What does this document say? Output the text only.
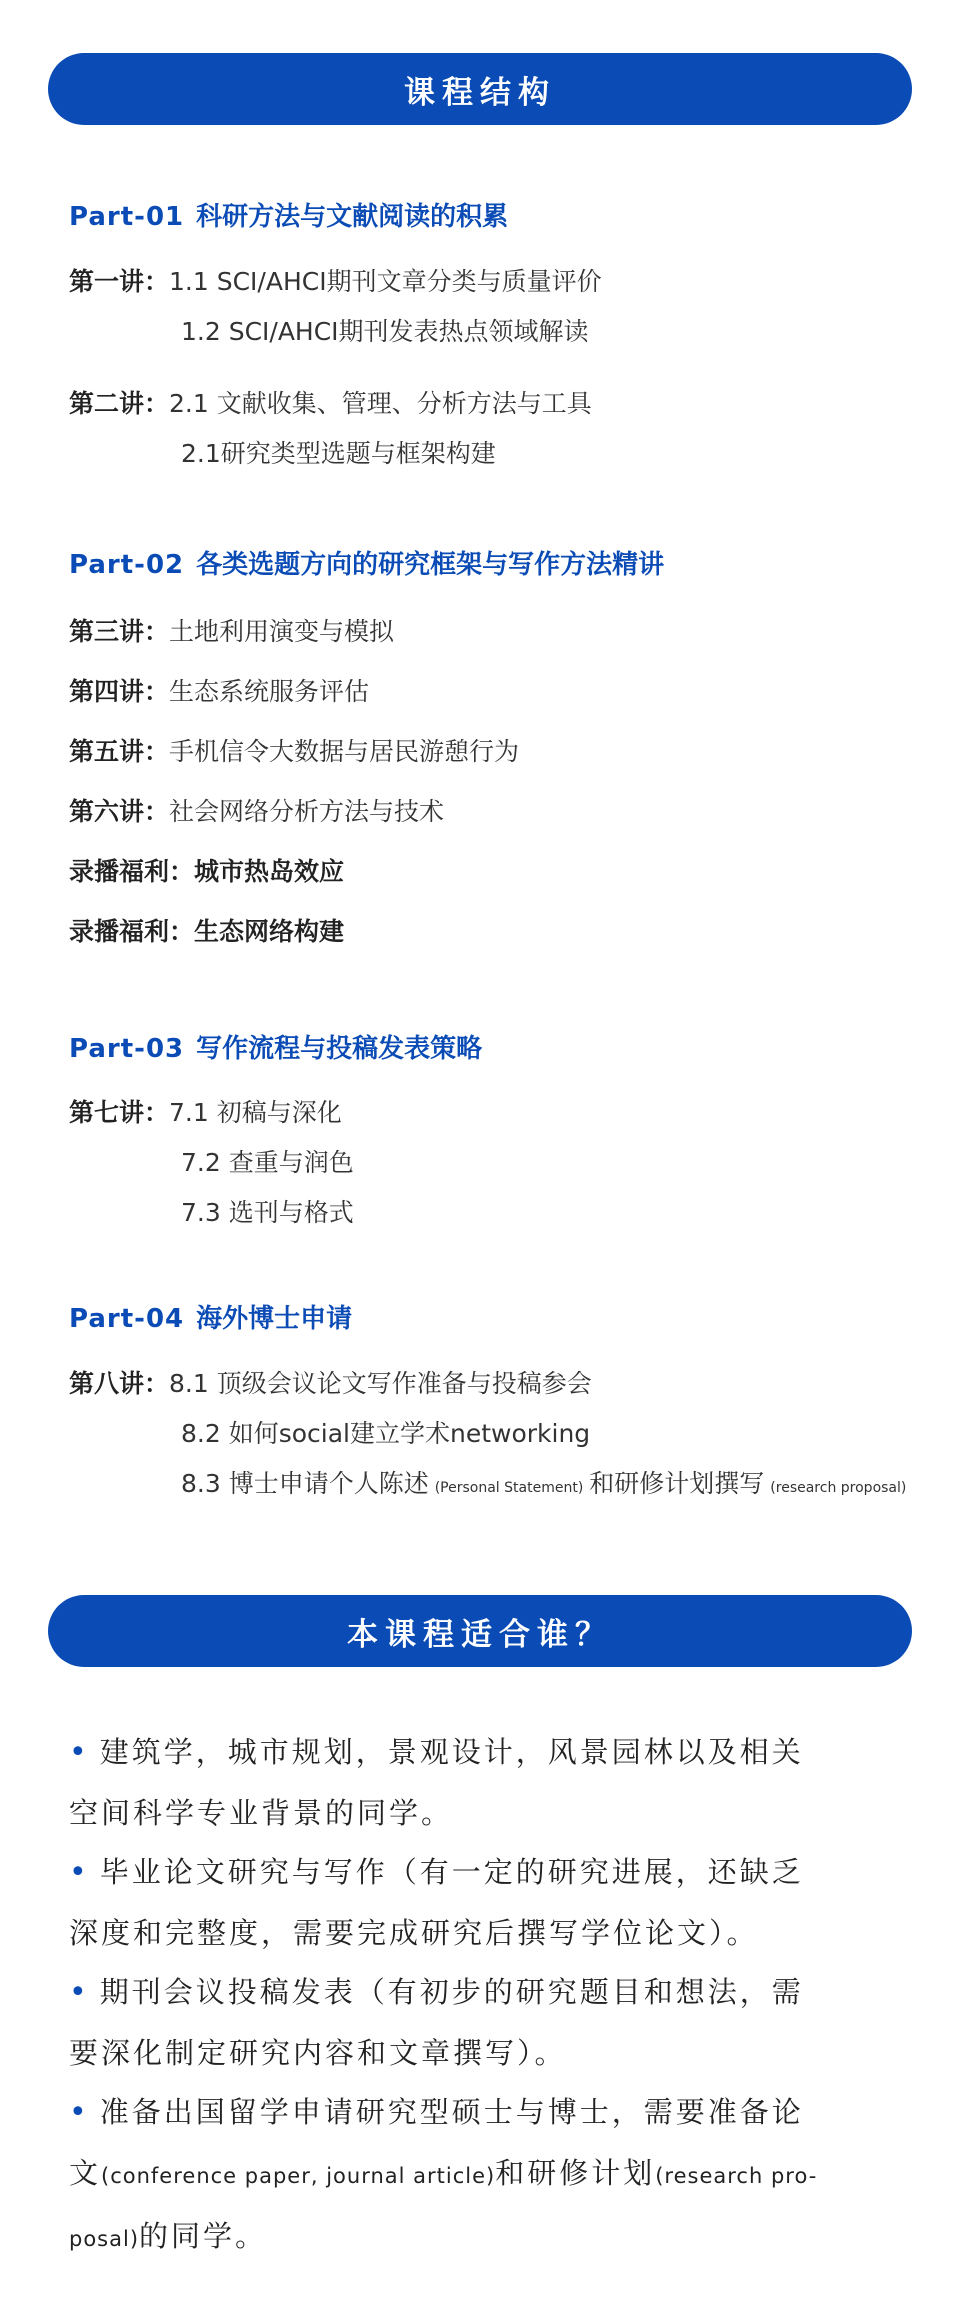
课程结构
Part-01 科研方法与文献阅读的积累
第一讲：1.1 SCI/AHCI期刊文章分类与质量评价
1.2 SCI/AHCI期刊发表热点领域解读
第二讲：2.1 文献收集、管理、分析方法与工具
2.1研究类型选题与框架构建
Part-02 各类选题方向的研究框架与写作方法精讲
第三讲：土地利用演变与模拟
第四讲：生态系统服务评估
第五讲：手机信令大数据与居民游憩行为
第六讲：社会网络分析方法与技术
录播福利：城市热岛效应
录播福利：生态网络构建
Part-03 写作流程与投稿发表策略
第七讲：7.1 初稿与深化
7.2 查重与润色
7.3 选刊与格式
Part-04 海外博士申请
第八讲：8.1 顶级会议论文写作准备与投稿参会
8.2 如何social建立学术networking
8.3 博士申请个人陈述 (Personal Statement) 和研修计划撰写 (research proposal)
本课程适合谁？
• 建筑学，城市规划，景观设计，风景园林以及相关
空间科学专业背景的同学。
• 毕业论文研究与写作（有一定的研究进展，还缺乏
深度和完整度，需要完成研究后撰写学位论文）。
• 期刊会议投稿发表（有初步的研究题目和想法，需
要深化制定研究内容和文章撰写）。
• 准备出国留学申请研究型硕士与博士，需要准备论
文(conference paper, journal article)和研修计划(research pro-
posal)的同学。
